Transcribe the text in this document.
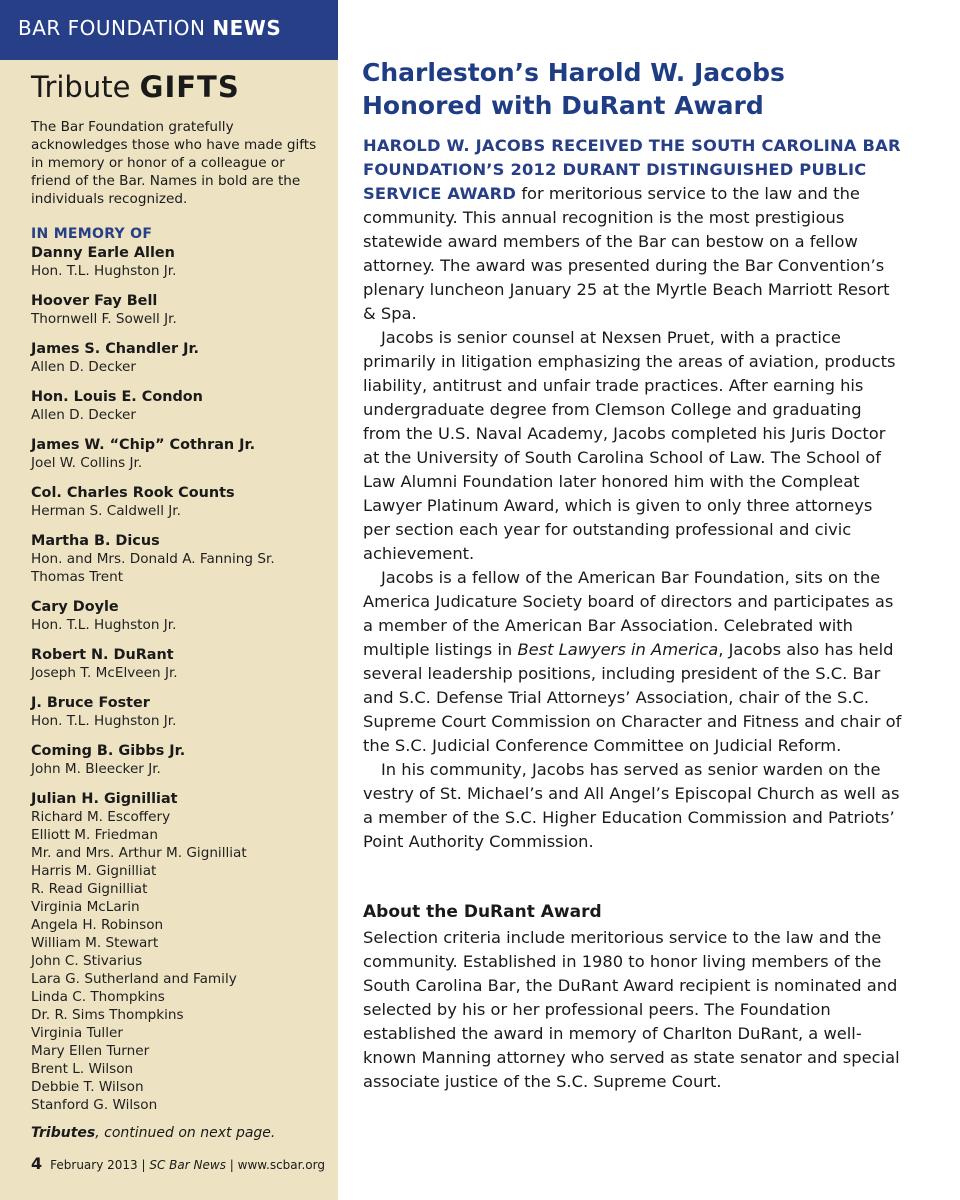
BAR FOUNDATION NEWS
Tribute GIFTS

The Bar Foundation gratefully acknowledges those who have made gifts in memory or honor of a colleague or friend of the Bar. Names in bold are the individuals recognized.

IN MEMORY OF
Danny Earle Allen
Hon. T.L. Hughston Jr.
Hoover Fay Bell
Thornwell F. Sowell Jr.
James S. Chandler Jr.
Allen D. Decker
Hon. Louis E. Condon
Allen D. Decker
James W. “Chip” Cothran Jr.
Joel W. Collins Jr.
Col. Charles Rook Counts
Herman S. Caldwell Jr.
Martha B. Dicus
Hon. and Mrs. Donald A. Fanning Sr.
Thomas Trent
Cary Doyle
Hon. T.L. Hughston Jr.
Robert N. DuRant
Joseph T. McElveen Jr.
J. Bruce Foster
Hon. T.L. Hughston Jr.
Coming B. Gibbs Jr.
John M. Bleecker Jr.
Julian H. Gignilliat
Richard M. Escoffery
Elliott M. Friedman
Mr. and Mrs. Arthur M. Gignilliat
Harris M. Gignilliat
R. Read Gignilliat
Virginia McLarin
Angela H. Robinson
William M. Stewart
John C. Stivarius
Lara G. Sutherland and Family
Linda C. Thompkins
Dr. R. Sims Thompkins
Virginia Tuller
Mary Ellen Turner
Brent L. Wilson
Debbie T. Wilson
Stanford G. Wilson
Tributes, continued on next page.
4 February 2013 | SC Bar News | www.scbar.org
Charleston’s Harold W. Jacobs
Honored with DuRant Award

HAROLD W. JACOBS RECEIVED THE SOUTH CAROLINA BAR FOUNDATION’S 2012 DURANT DISTINGUISHED PUBLIC SERVICE AWARD for meritorious service to the law and the community. This annual recognition is the most prestigious statewide award members of the Bar can bestow on a fellow attorney. The award was presented during the Bar Convention’s plenary luncheon January 25 at the Myrtle Beach Marriott Resort & Spa.

Jacobs is senior counsel at Nexsen Pruet, with a practice primarily in litigation emphasizing the areas of aviation, products liability, antitrust and unfair trade practices. After earning his undergraduate degree from Clemson College and graduating from the U.S. Naval Academy, Jacobs completed his Juris Doctor at the University of South Carolina School of Law. The School of Law Alumni Foundation later honored him with the Compleat Lawyer Platinum Award, which is given to only three attorneys per section each year for outstanding professional and civic achievement.

Jacobs is a fellow of the American Bar Foundation, sits on the America Judicature Society board of directors and participates as a member of the American Bar Association. Celebrated with multiple listings in Best Lawyers in America, Jacobs also has held several leadership positions, including president of the S.C. Bar and S.C. Defense Trial Attorneys’ Association, chair of the S.C. Supreme Court Commission on Character and Fitness and chair of the S.C. Judicial Conference Committee on Judicial Reform.

In his community, Jacobs has served as senior warden on the vestry of St. Michael’s and All Angel’s Episcopal Church as well as a member of the S.C. Higher Education Commission and Patriots’ Point Authority Commission.

About the DuRant Award

Selection criteria include meritorious service to the law and the community. Established in 1980 to honor living members of the South Carolina Bar, the DuRant Award recipient is nominated and selected by his or her professional peers. The Foundation established the award in memory of Charlton DuRant, a well-known Manning attorney who served as state senator and special associate justice of the S.C. Supreme Court.
